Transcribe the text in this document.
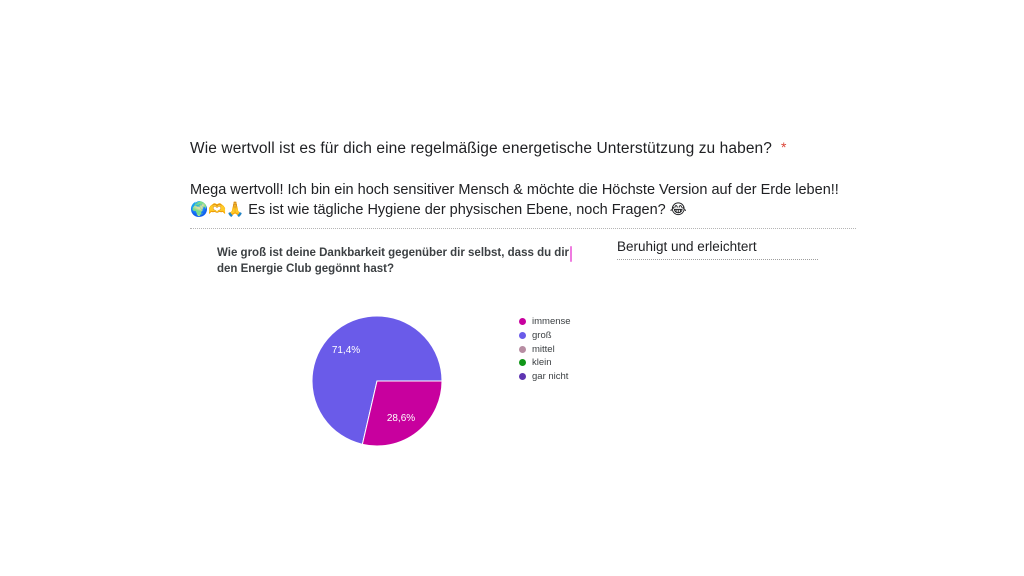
Wie wertvoll ist es für dich eine regelmäßige energetische Unterstützung zu haben? *
Mega wertvoll! Ich bin ein hoch sensitiver Mensch & möchte die Höchste Version auf der Erde leben!!
🌍🫶🙏 Es ist wie tägliche Hygiene der physischen Ebene, noch Fragen? 😂
Wie groß ist deine Dankbarkeit gegenüber dir selbst, dass du dir
den Energie Club gegönnt hast?
Beruhigt und erleichtert
71,4%
28,6%
immense
groß
mittel
klein
gar nicht
